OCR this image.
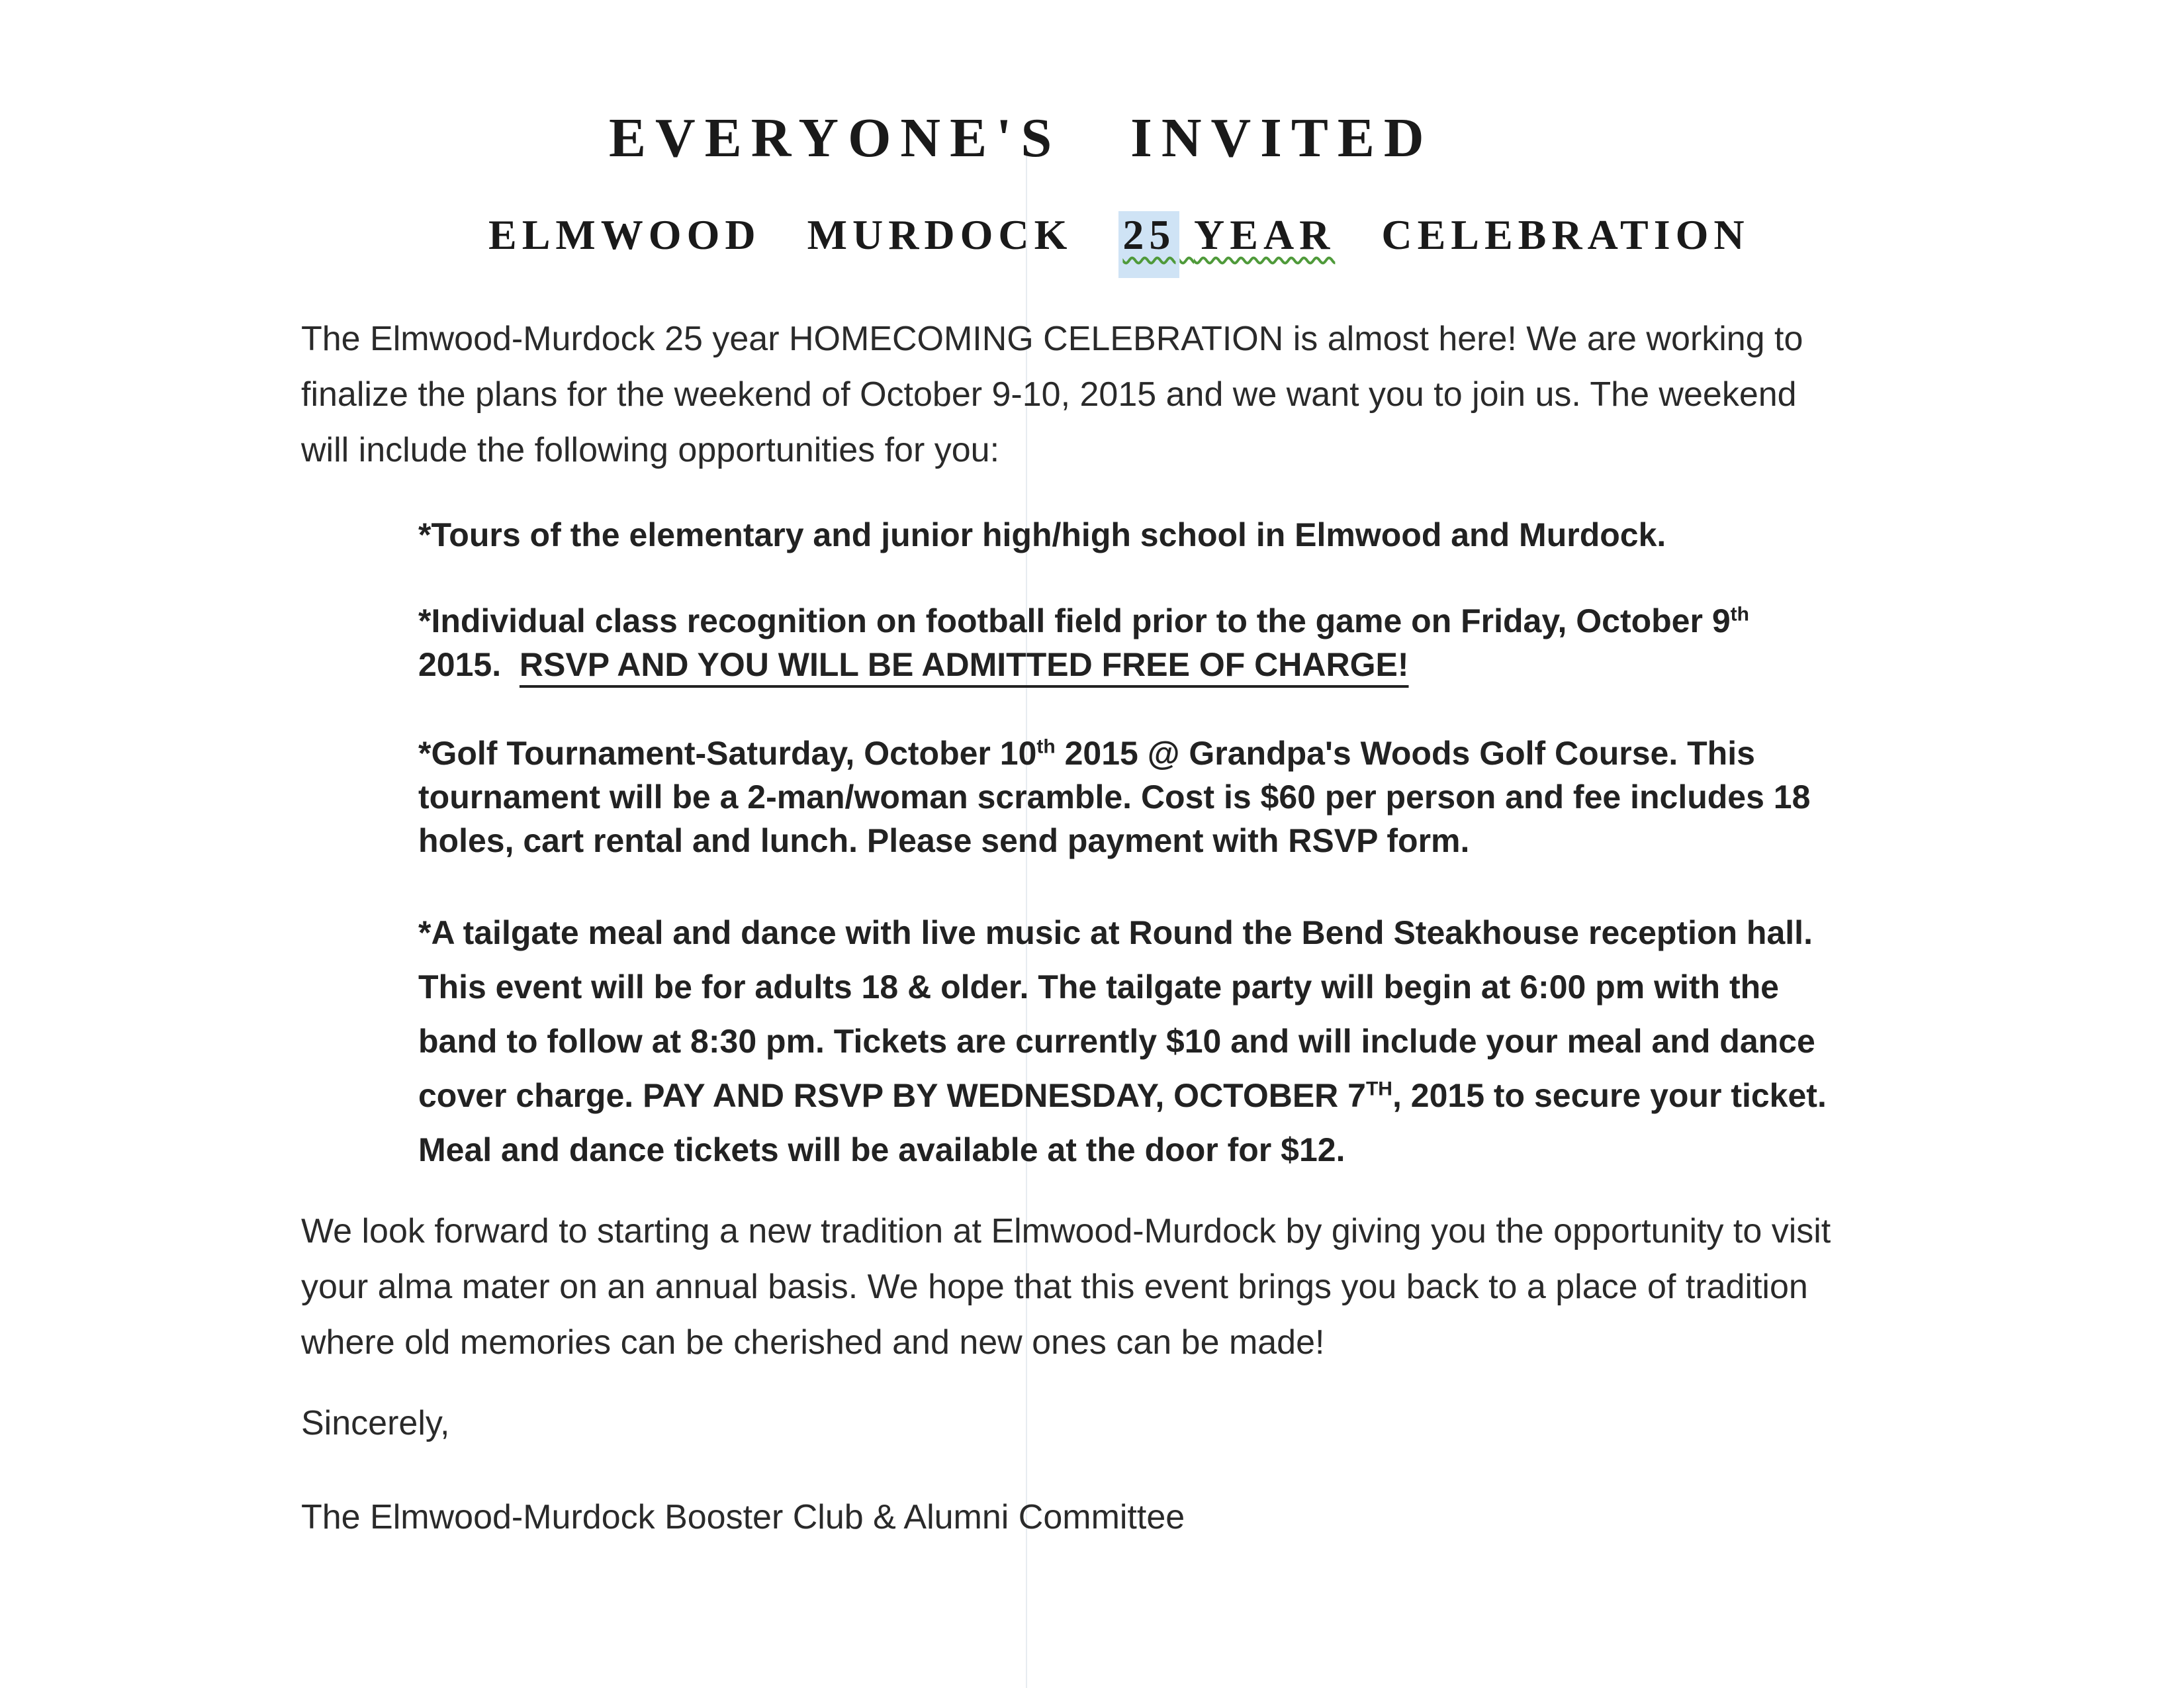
EVERYONE'S   INVITED
ELMWOOD MURDOCK 25 YEAR CELEBRATION

The Elmwood-Murdock 25 year HOMECOMING CELEBRATION is almost here! We are working to finalize the plans for the weekend of October 9-10, 2015 and we want you to join us. The weekend will include the following opportunities for you:

*Tours of the elementary and junior high/high school in Elmwood and Murdock.

*Individual class recognition on football field prior to the game on Friday, October 9th
2015. RSVP AND YOU WILL BE ADMITTED FREE OF CHARGE!

*Golf Tournament-Saturday, October 10th 2015 @ Grandpa's Woods Golf Course. This tournament will be a 2-man/woman scramble. Cost is $60 per person and fee includes 18 holes, cart rental and lunch. Please send payment with RSVP form.

*A tailgate meal and dance with live music at Round the Bend Steakhouse reception hall. This event will be for adults 18 & older. The tailgate party will begin at 6:00 pm with the band to follow at 8:30 pm. Tickets are currently $10 and will include your meal and dance cover charge. PAY AND RSVP BY WEDNESDAY, OCTOBER 7TH, 2015 to secure your ticket. Meal and dance tickets will be available at the door for $12.

We look forward to starting a new tradition at Elmwood-Murdock by giving you the opportunity to visit your alma mater on an annual basis. We hope that this event brings you back to a place of tradition where old memories can be cherished and new ones can be made!

Sincerely,

The Elmwood-Murdock Booster Club & Alumni Committee
